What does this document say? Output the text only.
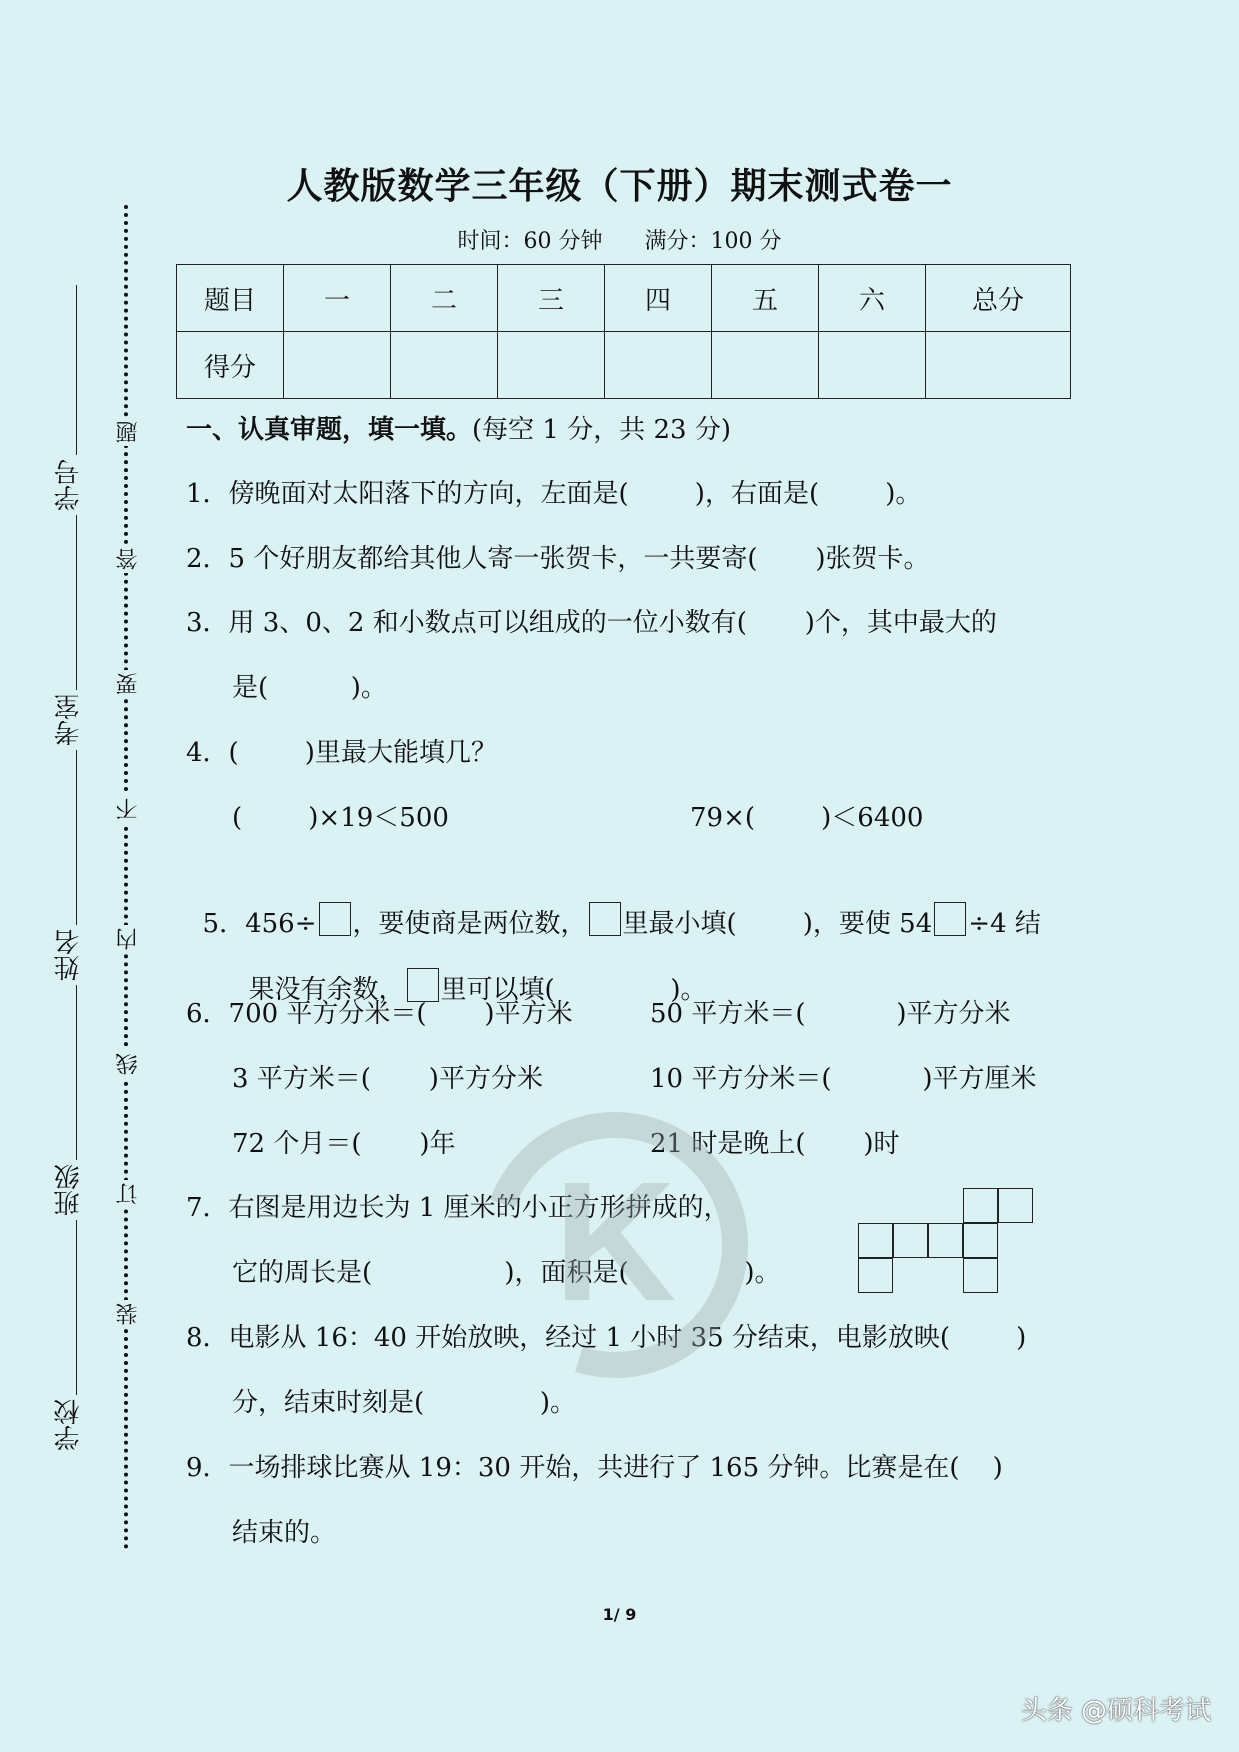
学号
考室
姓名
班级
学校
题
答
要
不
内
线
订
装
人教版数学三年级（下册）期末测式卷一
时间：60 分钟 满分：100 分
题目	一	二	三	四	五	六	总分
得分							
一、认真审题，填一填。(每空 1 分，共 23 分)
1．傍晚面对太阳落下的方向，左面是(        )，右面是(        )。
2．5 个好朋友都给其他人寄一张贺卡，一共要寄(       )张贺卡。
3．用 3、0、2 和小数点可以组成的一位小数有(       )个，其中最大的
是(          )。
4．(        )里最大能填几？
(        )×19＜500	79×(        )＜6400

5．456÷ ，要使商是两位数， 里最小填(        )，要使 54 ÷4 结

果没有余数， 里可以填(              )。

6．700 平方分米＝(       )平方米	50 平方米＝(           )平方分米
3 平方米＝(       )平方分米	10 平方分米＝(           )平方厘米
72 个月＝(       )年	21 时是晚上(       )时
7．右图是用边长为 1 厘米的小正方形拼成的，
它的周长是(                )，面积是(              )。
8．电影从 16：40 开始放映，经过 1 小时 35 分结束，电影放映(        )
分，结束时刻是(              )。
9．一场排球比赛从 19：30 开始，共进行了 165 分钟。比赛是在(    )
结束的。
K
1/ 9
头条 @硕科考试
